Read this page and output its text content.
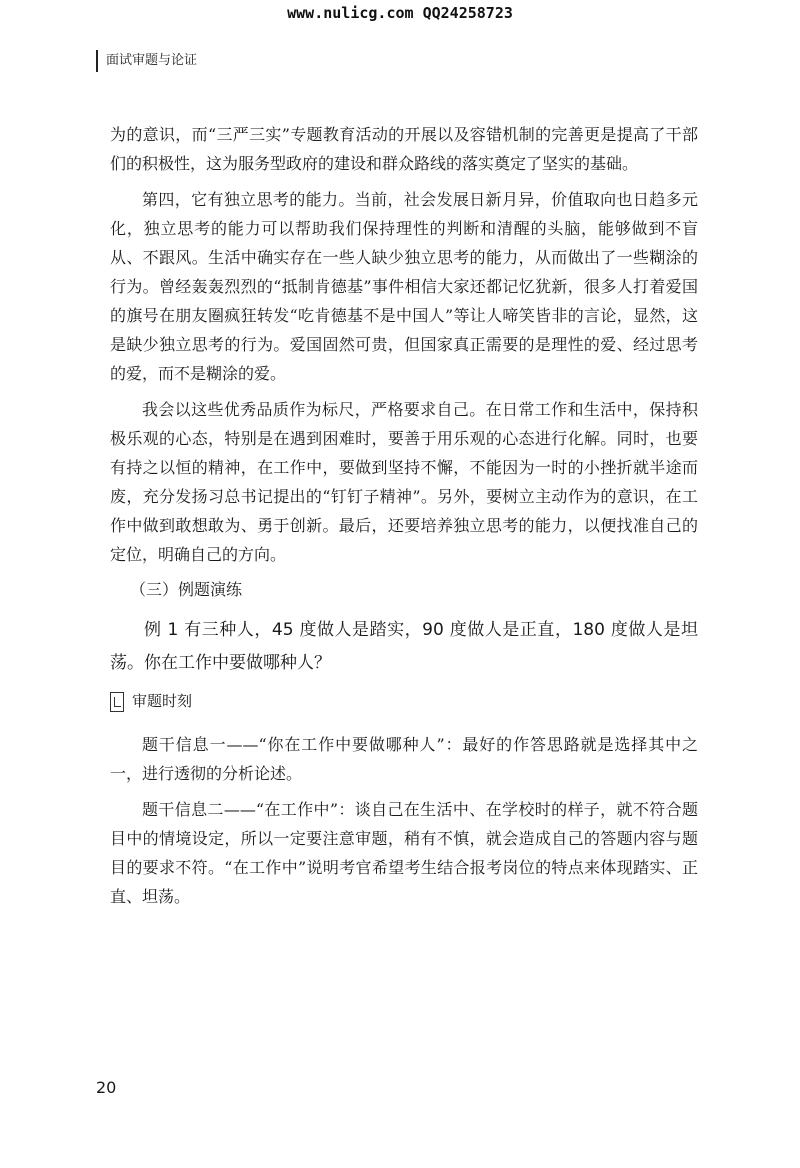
www.nulicg.com QQ24258723
面试审题与论证

为的意识，而“三严三实”专题教育活动的开展以及容错机制的完善更是提高了干部们的积极性，这为服务型政府的建设和群众路线的落实奠定了坚实的基础。

第四，它有独立思考的能力。当前，社会发展日新月异，价值取向也日趋多元化，独立思考的能力可以帮助我们保持理性的判断和清醒的头脑，能够做到不盲从、不跟风。生活中确实存在一些人缺少独立思考的能力，从而做出了一些糊涂的行为。曾经轰轰烈烈的“抵制肯德基”事件相信大家还都记忆犹新，很多人打着爱国的旗号在朋友圈疯狂转发“吃肯德基不是中国人”等让人啼笑皆非的言论，显然，这是缺少独立思考的行为。爱国固然可贵，但国家真正需要的是理性的爱、经过思考的爱，而不是糊涂的爱。

我会以这些优秀品质作为标尺，严格要求自己。在日常工作和生活中，保持积极乐观的心态，特别是在遇到困难时，要善于用乐观的心态进行化解。同时，也要有持之以恒的精神，在工作中，要做到坚持不懈，不能因为一时的小挫折就半途而废，充分发扬习总书记提出的“钉钉子精神”。另外，要树立主动作为的意识，在工作中做到敢想敢为、勇于创新。最后，还要培养独立思考的能力，以便找准自己的定位，明确自己的方向。

（三）例题演练

例 1 有三种人，45 度做人是踏实，90 度做人是正直，180 度做人是坦荡。你在工作中要做哪种人？

审题时刻

题干信息一——“你在工作中要做哪种人”：最好的作答思路就是选择其中之一，进行透彻的分析论述。

题干信息二——“在工作中”：谈自己在生活中、在学校时的样子，就不符合题目中的情境设定，所以一定要注意审题，稍有不慎，就会造成自己的答题内容与题目的要求不符。“在工作中”说明考官希望考生结合报考岗位的特点来体现踏实、正直、坦荡。

20
